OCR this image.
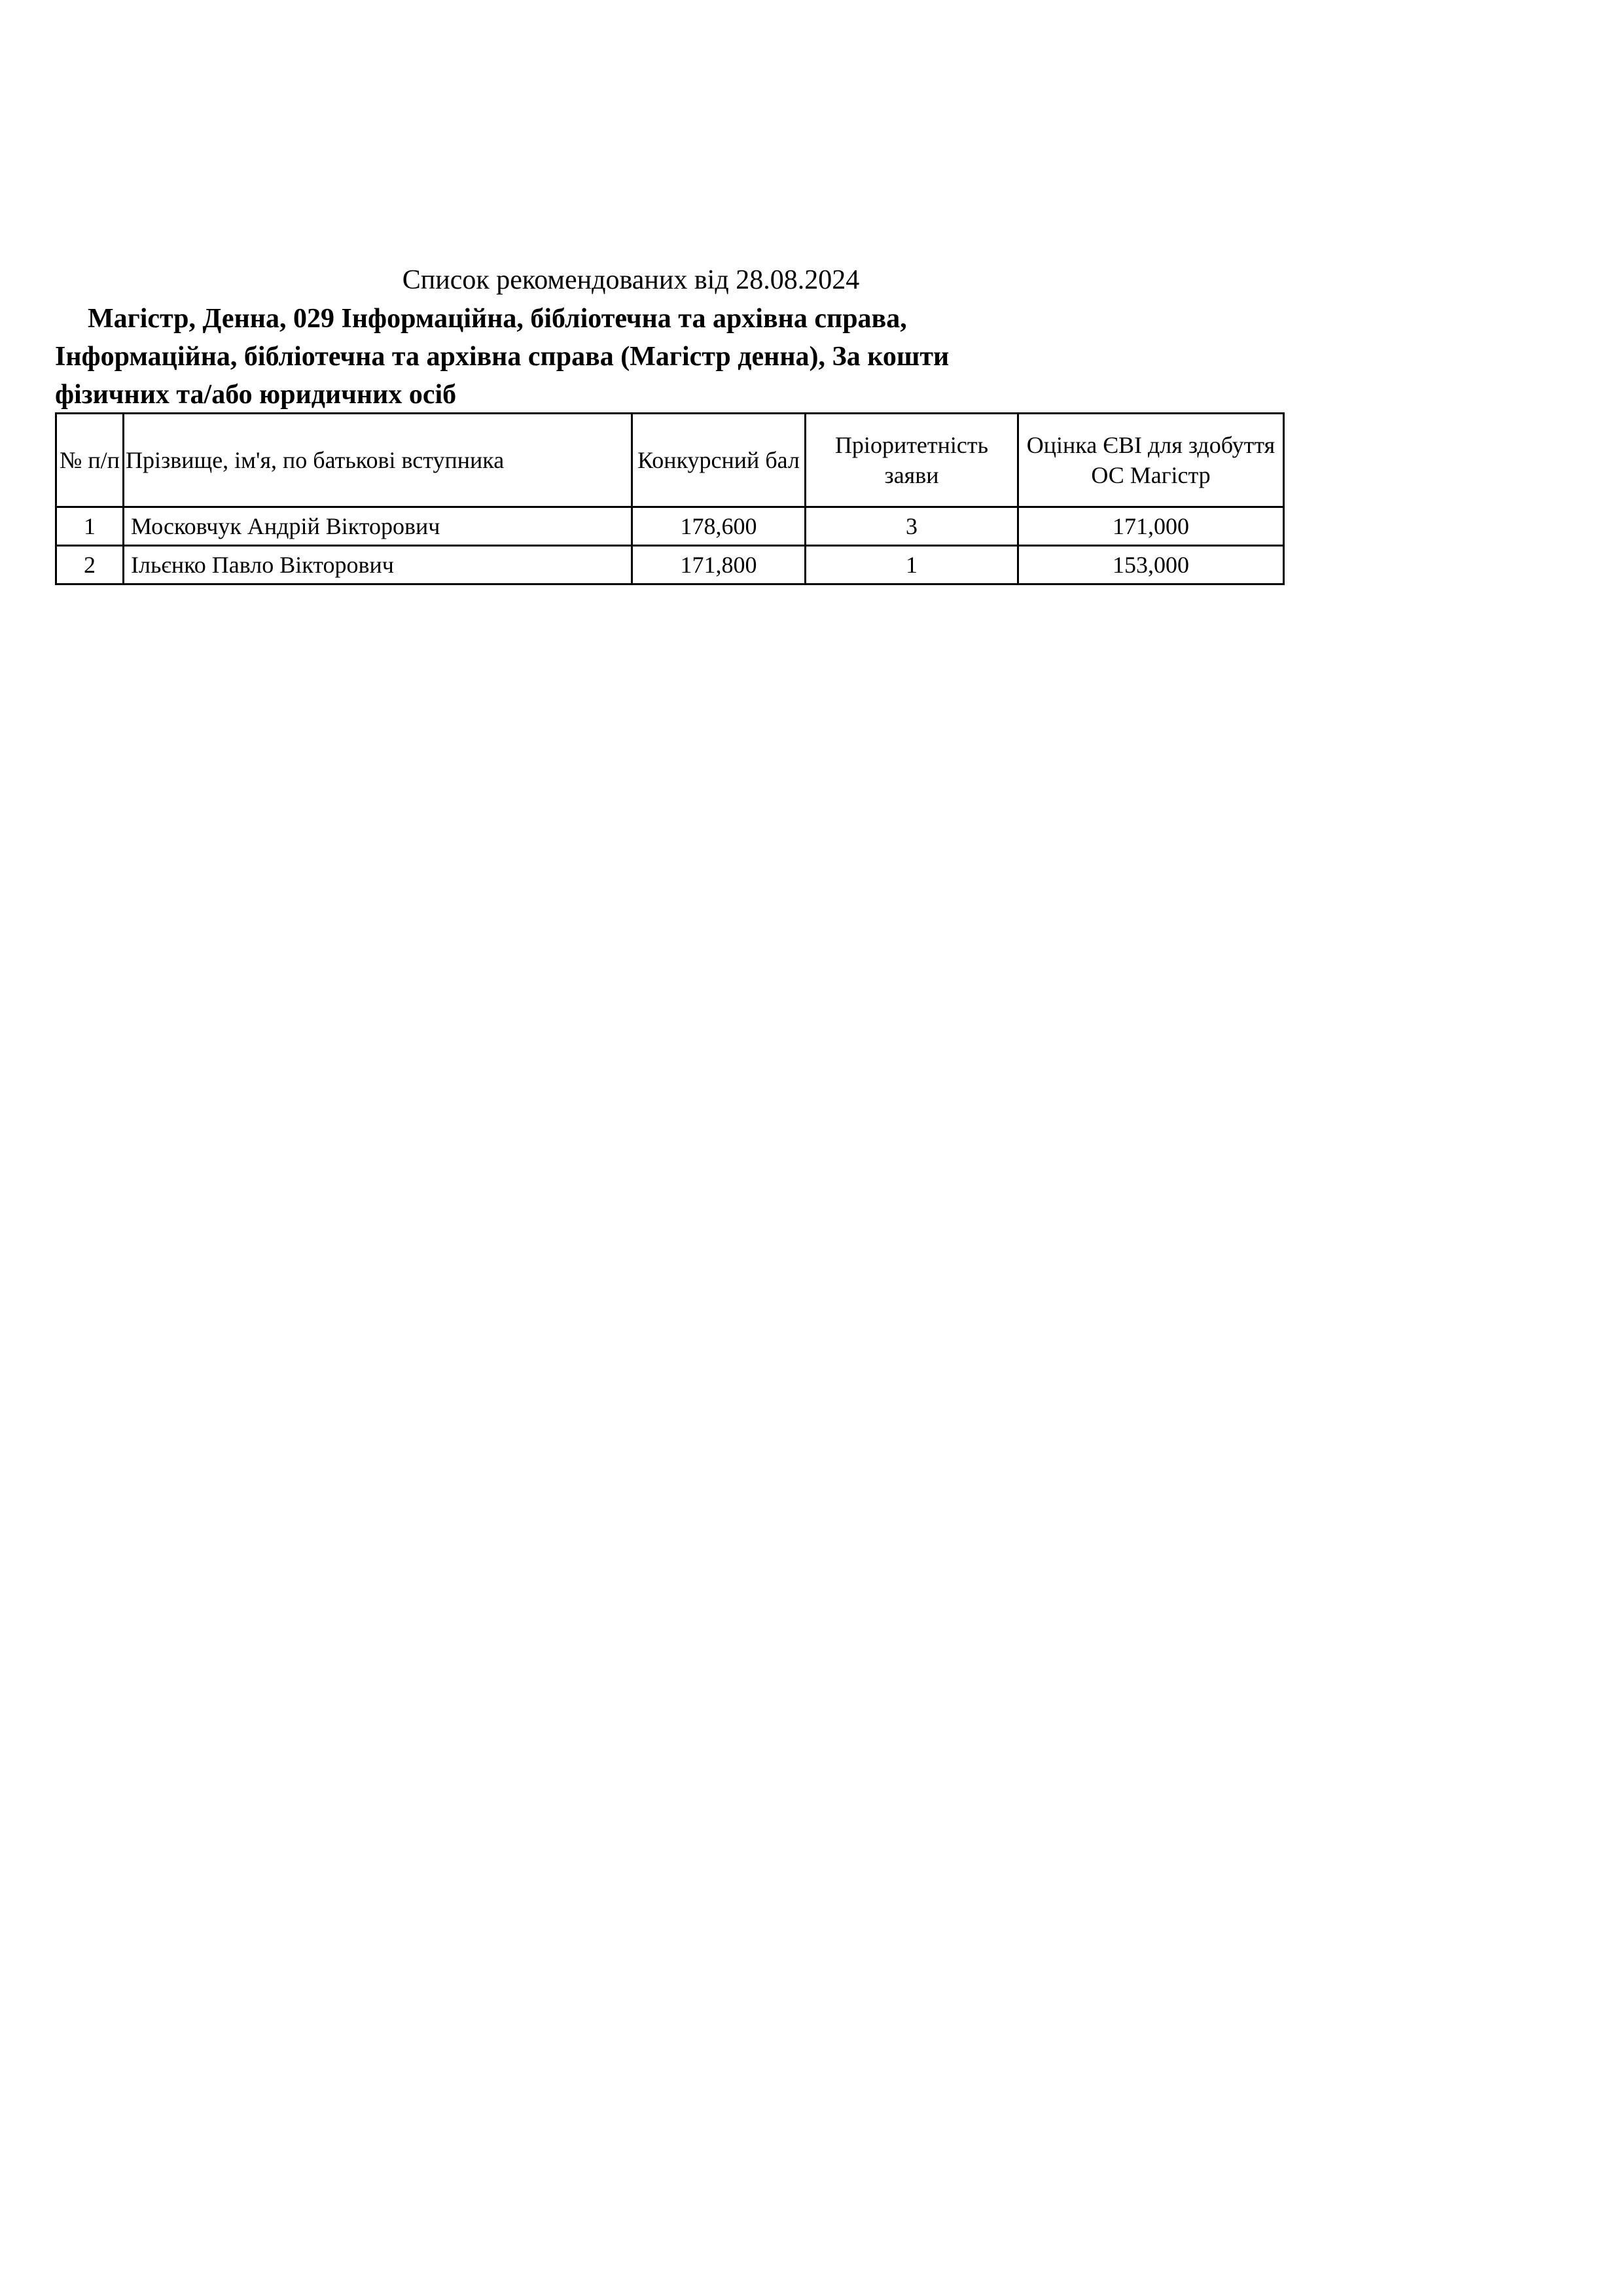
Список рекомендованих від 28.08.2024
Магістр, Денна, 029 Інформаційна, бібліотечна та архівна справа,
Інформаційна, бібліотечна та архівна справа (Магістр денна), За кошти
фізичних та/або юридичних осіб
№ п/п	Прізвище, ім'я, по батькові вступника	Конкурсний бал	Пріоритетність заяви	Оцінка ЄВІ для здобуття ОС Магістр
1	Московчук Андрій Вікторович	178,600	3	171,000
2	Ільєнко Павло Вікторович	171,800	1	153,000
